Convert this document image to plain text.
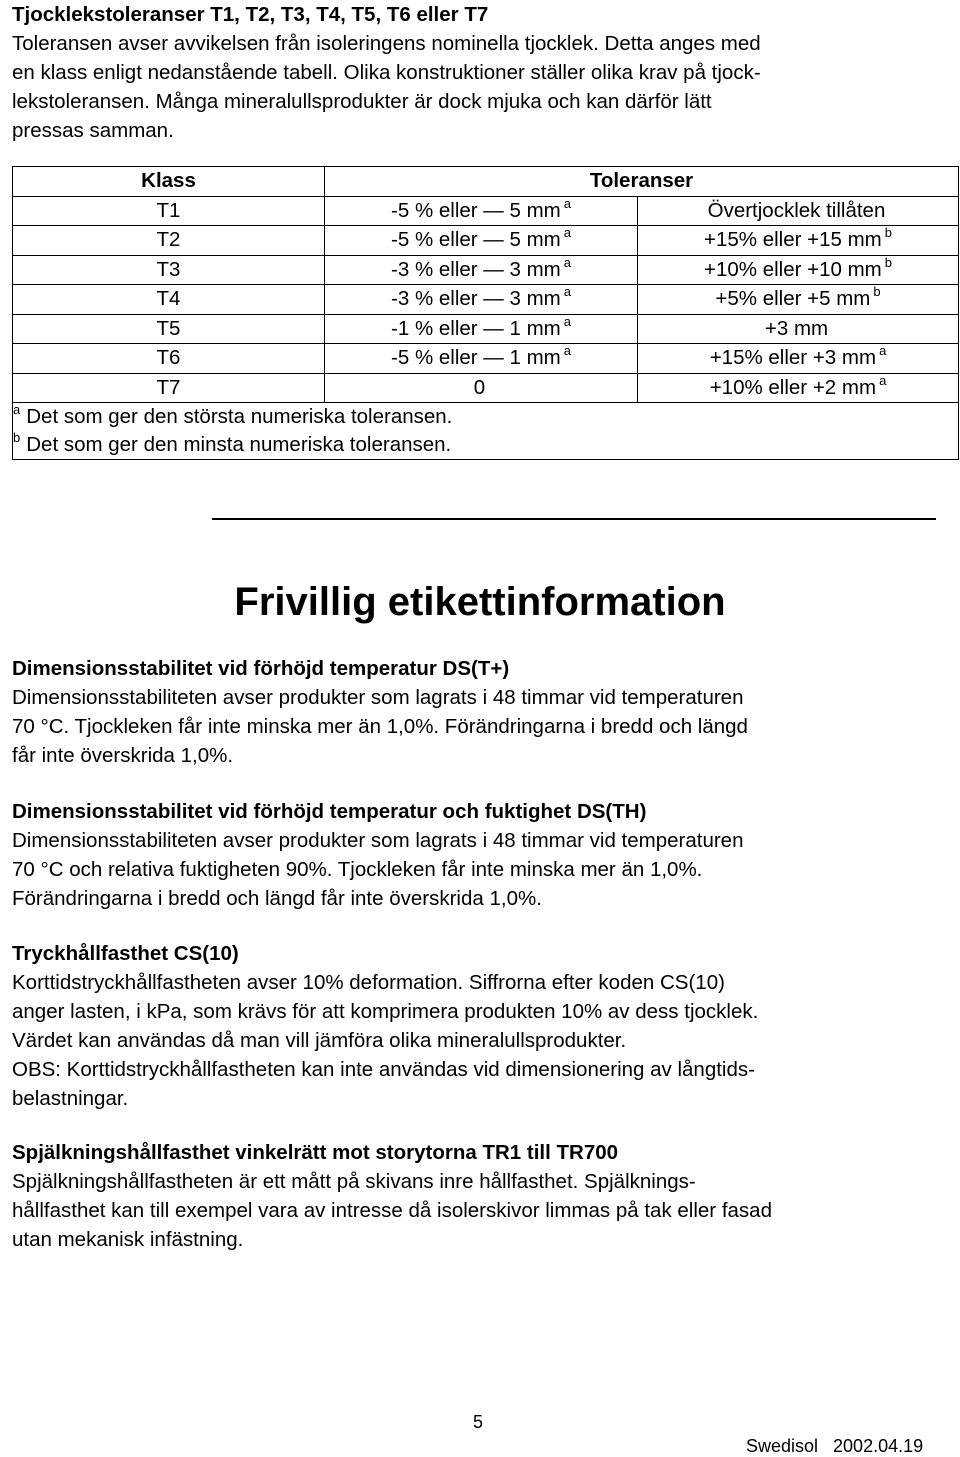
Tjocklekstoleranser T1, T2, T3, T4, T5, T6 eller T7
Toleransen avser avvikelsen från isoleringens nominella tjocklek. Detta anges med
en klass enligt nedanstående tabell. Olika konstruktioner ställer olika krav på tjock-
lekstoleransen. Många mineralullsprodukter är dock mjuka och kan därför lätt
pressas samman.
Klass	Toleranser	
T1	-5 % eller — 5 mm $^a$	Övertjocklek tillåten
T2	-5 % eller — 5 mm $^a$	+15% eller +15 mm $^b$
T3	-3 % eller — 3 mm $^a$	+10% eller +10 mm $^b$
T4	-3 % eller — 3 mm $^a$	+5% eller +5 mm $^b$
T5	-1 % eller — 1 mm $^a$	+3 mm
T6	-5 % eller — 1 mm $^a$	+15% eller +3 mm $^a$
T7	0	+10% eller +2 mm $^a$

$^a$ Det som ger den största numeriska toleransen.
$^b$ Det som ger den minsta numeriska toleransen.		
Frivillig etikettinformation
Dimensionsstabilitet vid förhöjd temperatur DS(T+)
Dimensionsstabiliteten avser produkter som lagrats i 48 timmar vid temperaturen
70 °C. Tjockleken får inte minska mer än 1,0%. Förändringarna i bredd och längd
får inte överskrida 1,0%.
Dimensionsstabilitet vid förhöjd temperatur och fuktighet DS(TH)
Dimensionsstabiliteten avser produkter som lagrats i 48 timmar vid temperaturen
70 °C och relativa fuktigheten 90%. Tjockleken får inte minska mer än 1,0%.
Förändringarna i bredd och längd får inte överskrida 1,0%.
Tryckhållfasthet CS(10)
Korttidstryckhållfastheten avser 10% deformation. Siffrorna efter koden CS(10)
anger lasten, i kPa, som krävs för att komprimera produkten 10% av dess tjocklek.
Värdet kan användas då man vill jämföra olika mineralullsprodukter.
OBS: Korttidstryckhållfastheten kan inte användas vid dimensionering av långtids-
belastningar.
Spjälkningshållfasthet vinkelrätt mot storytorna TR1 till TR700
Spjälkningshållfastheten är ett mått på skivans inre hållfasthet. Spjälknings-
hållfasthet kan till exempel vara av intresse då isolerskivor limmas på tak eller fasad
utan mekanisk infästning.
5
Swedisol   2002.04.19
